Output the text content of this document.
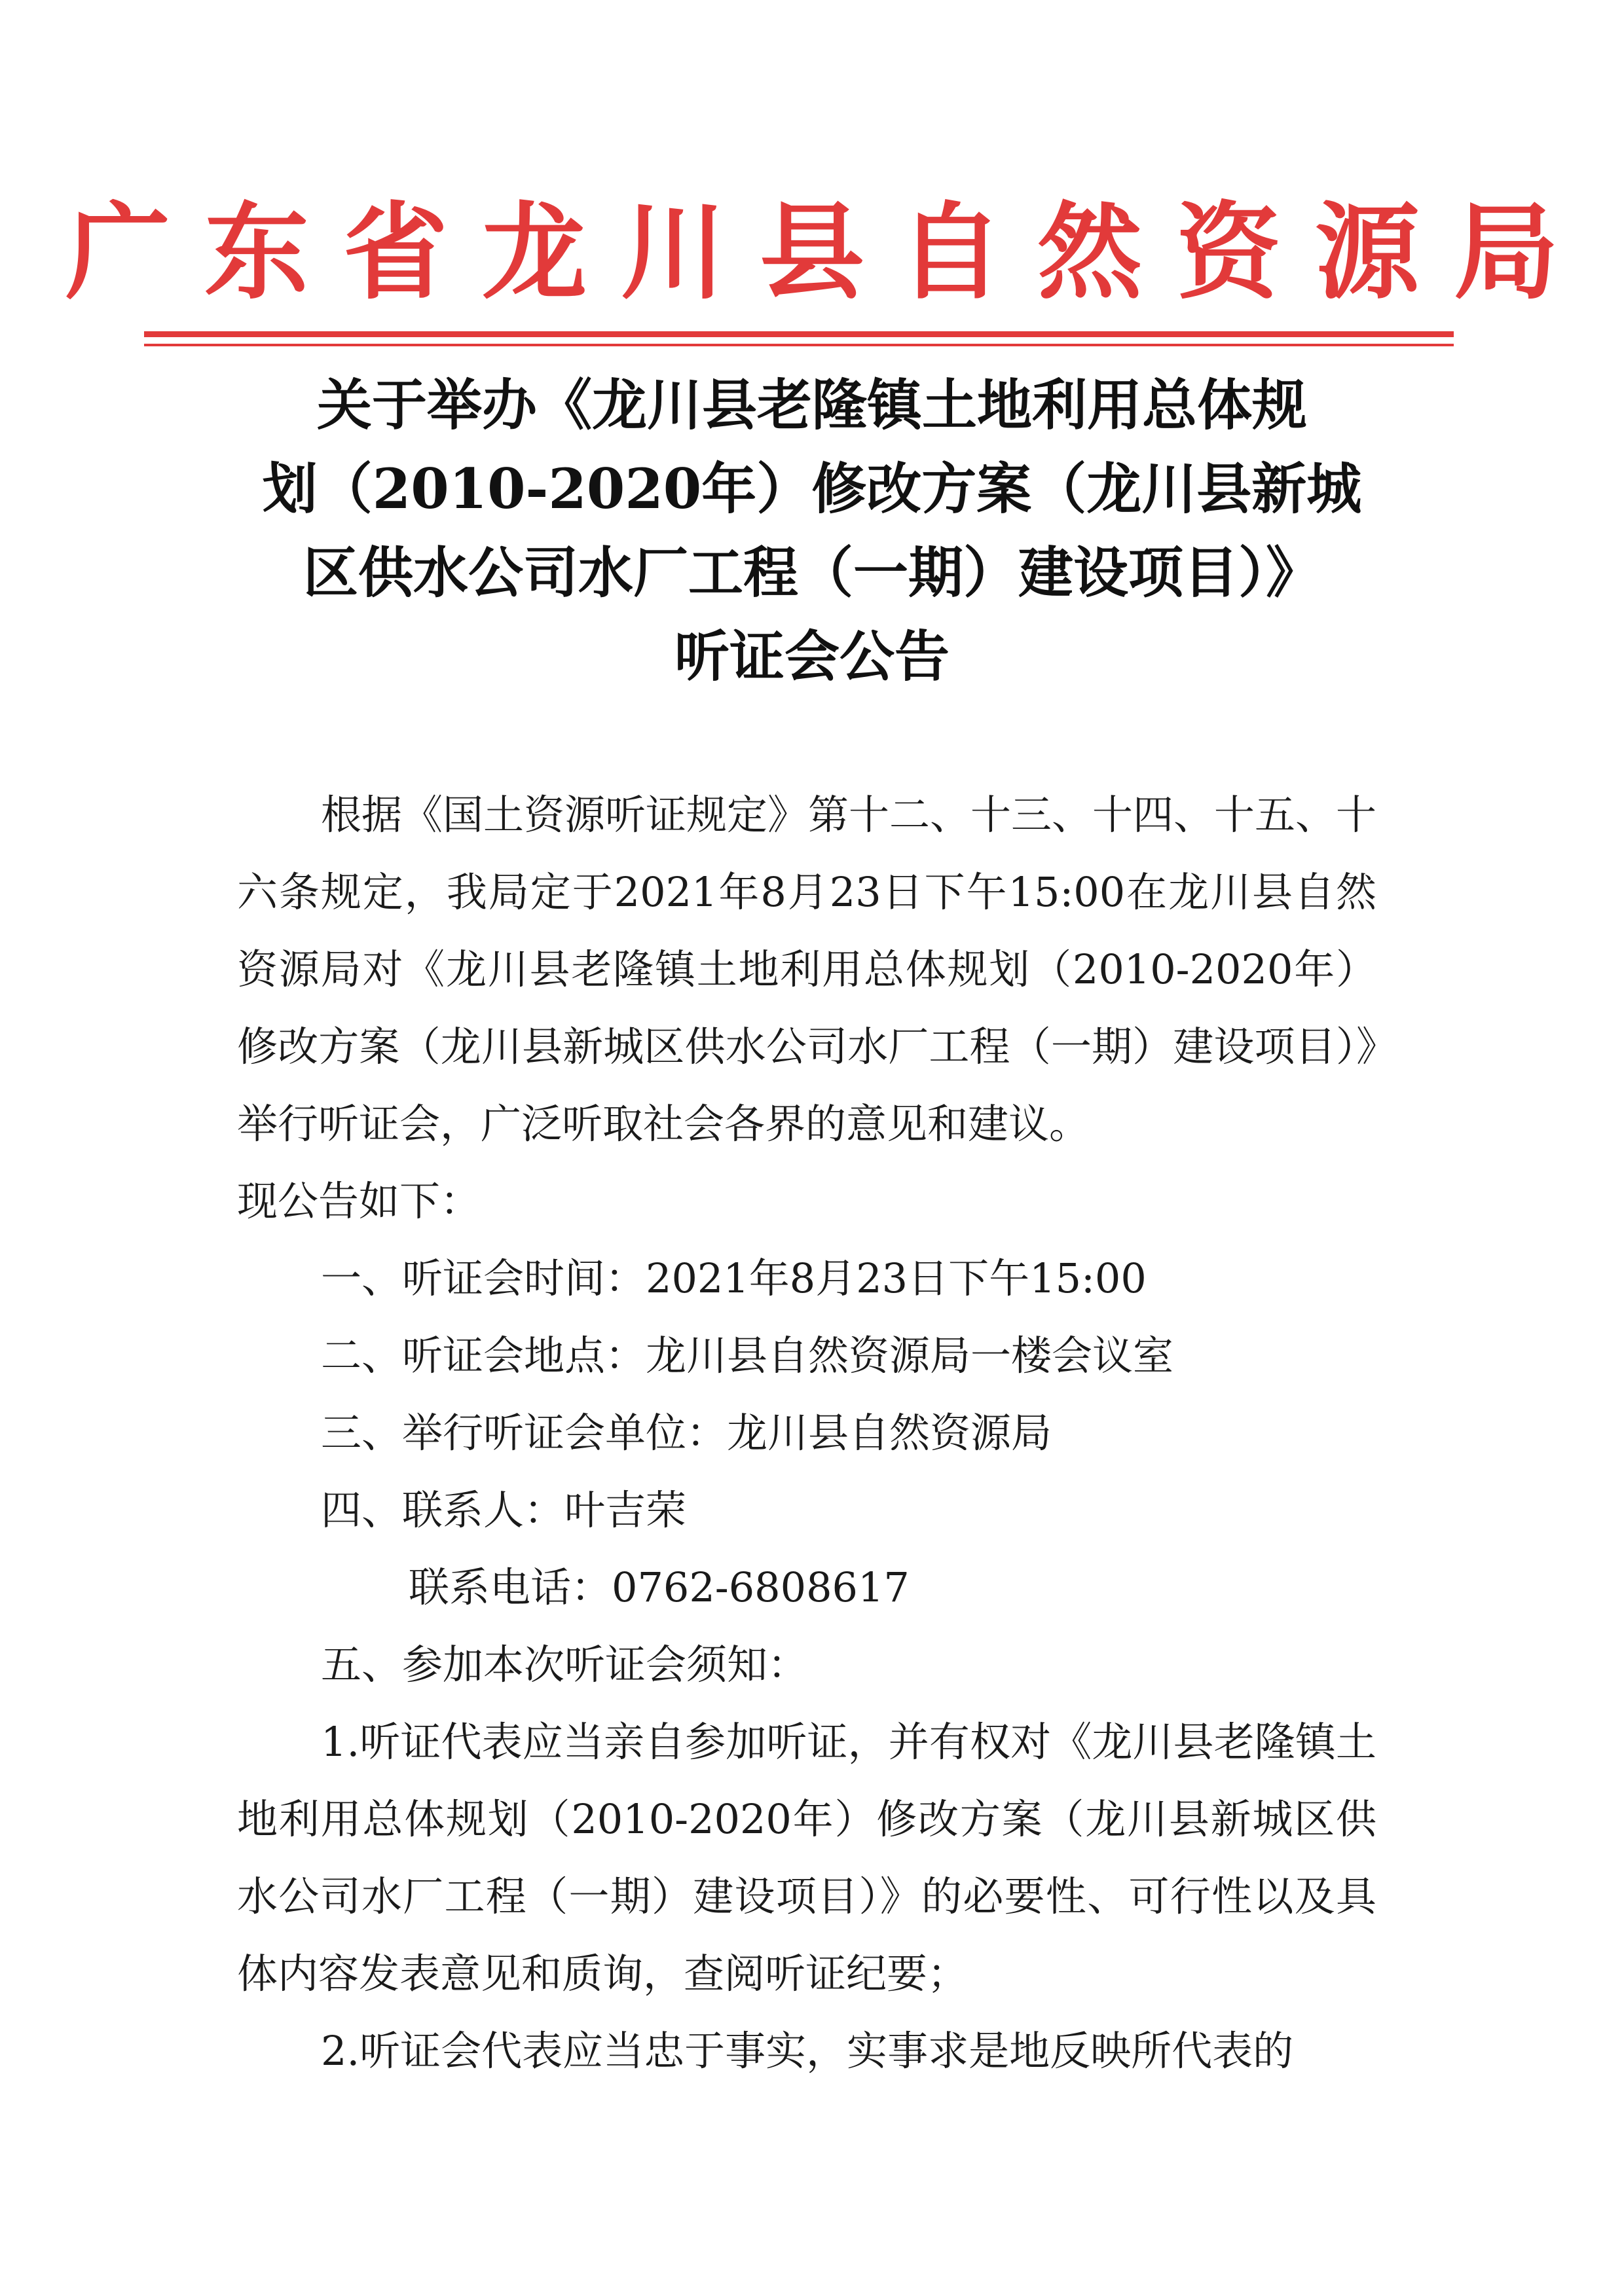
广东省龙川县自然资源局
关于举办《龙川县老隆镇土地利用总体规
划（2010-2020年）修改方案（龙川县新城
区供水公司水厂工程（一期）建设项目）》
听证会公告

根据《国土资源听证规定》第十二、十三、十四、十五、十六条规定，我局定于2021年8月23日下午15:00在龙川县自然资源局对《龙川县老隆镇土地利用总体规划（2010-2020年）修改方案（龙川县新城区供水公司水厂工程（一期）建设项目）》举行听证会，广泛听取社会各界的意见和建议。

现公告如下：

一、听证会时间：2021年8月23日下午15:00

二、听证会地点：龙川县自然资源局一楼会议室

三、举行听证会单位：龙川县自然资源局

四、联系人：叶吉荣

联系电话：0762-6808617

五、参加本次听证会须知：

1.听证代表应当亲自参加听证，并有权对《龙川县老隆镇土地利用总体规划（2010-2020年）修改方案（龙川县新城区供水公司水厂工程（一期）建设项目）》的必要性、可行性以及具体内容发表意见和质询，查阅听证纪要；

2.听证会代表应当忠于事实，实事求是地反映所代表的
